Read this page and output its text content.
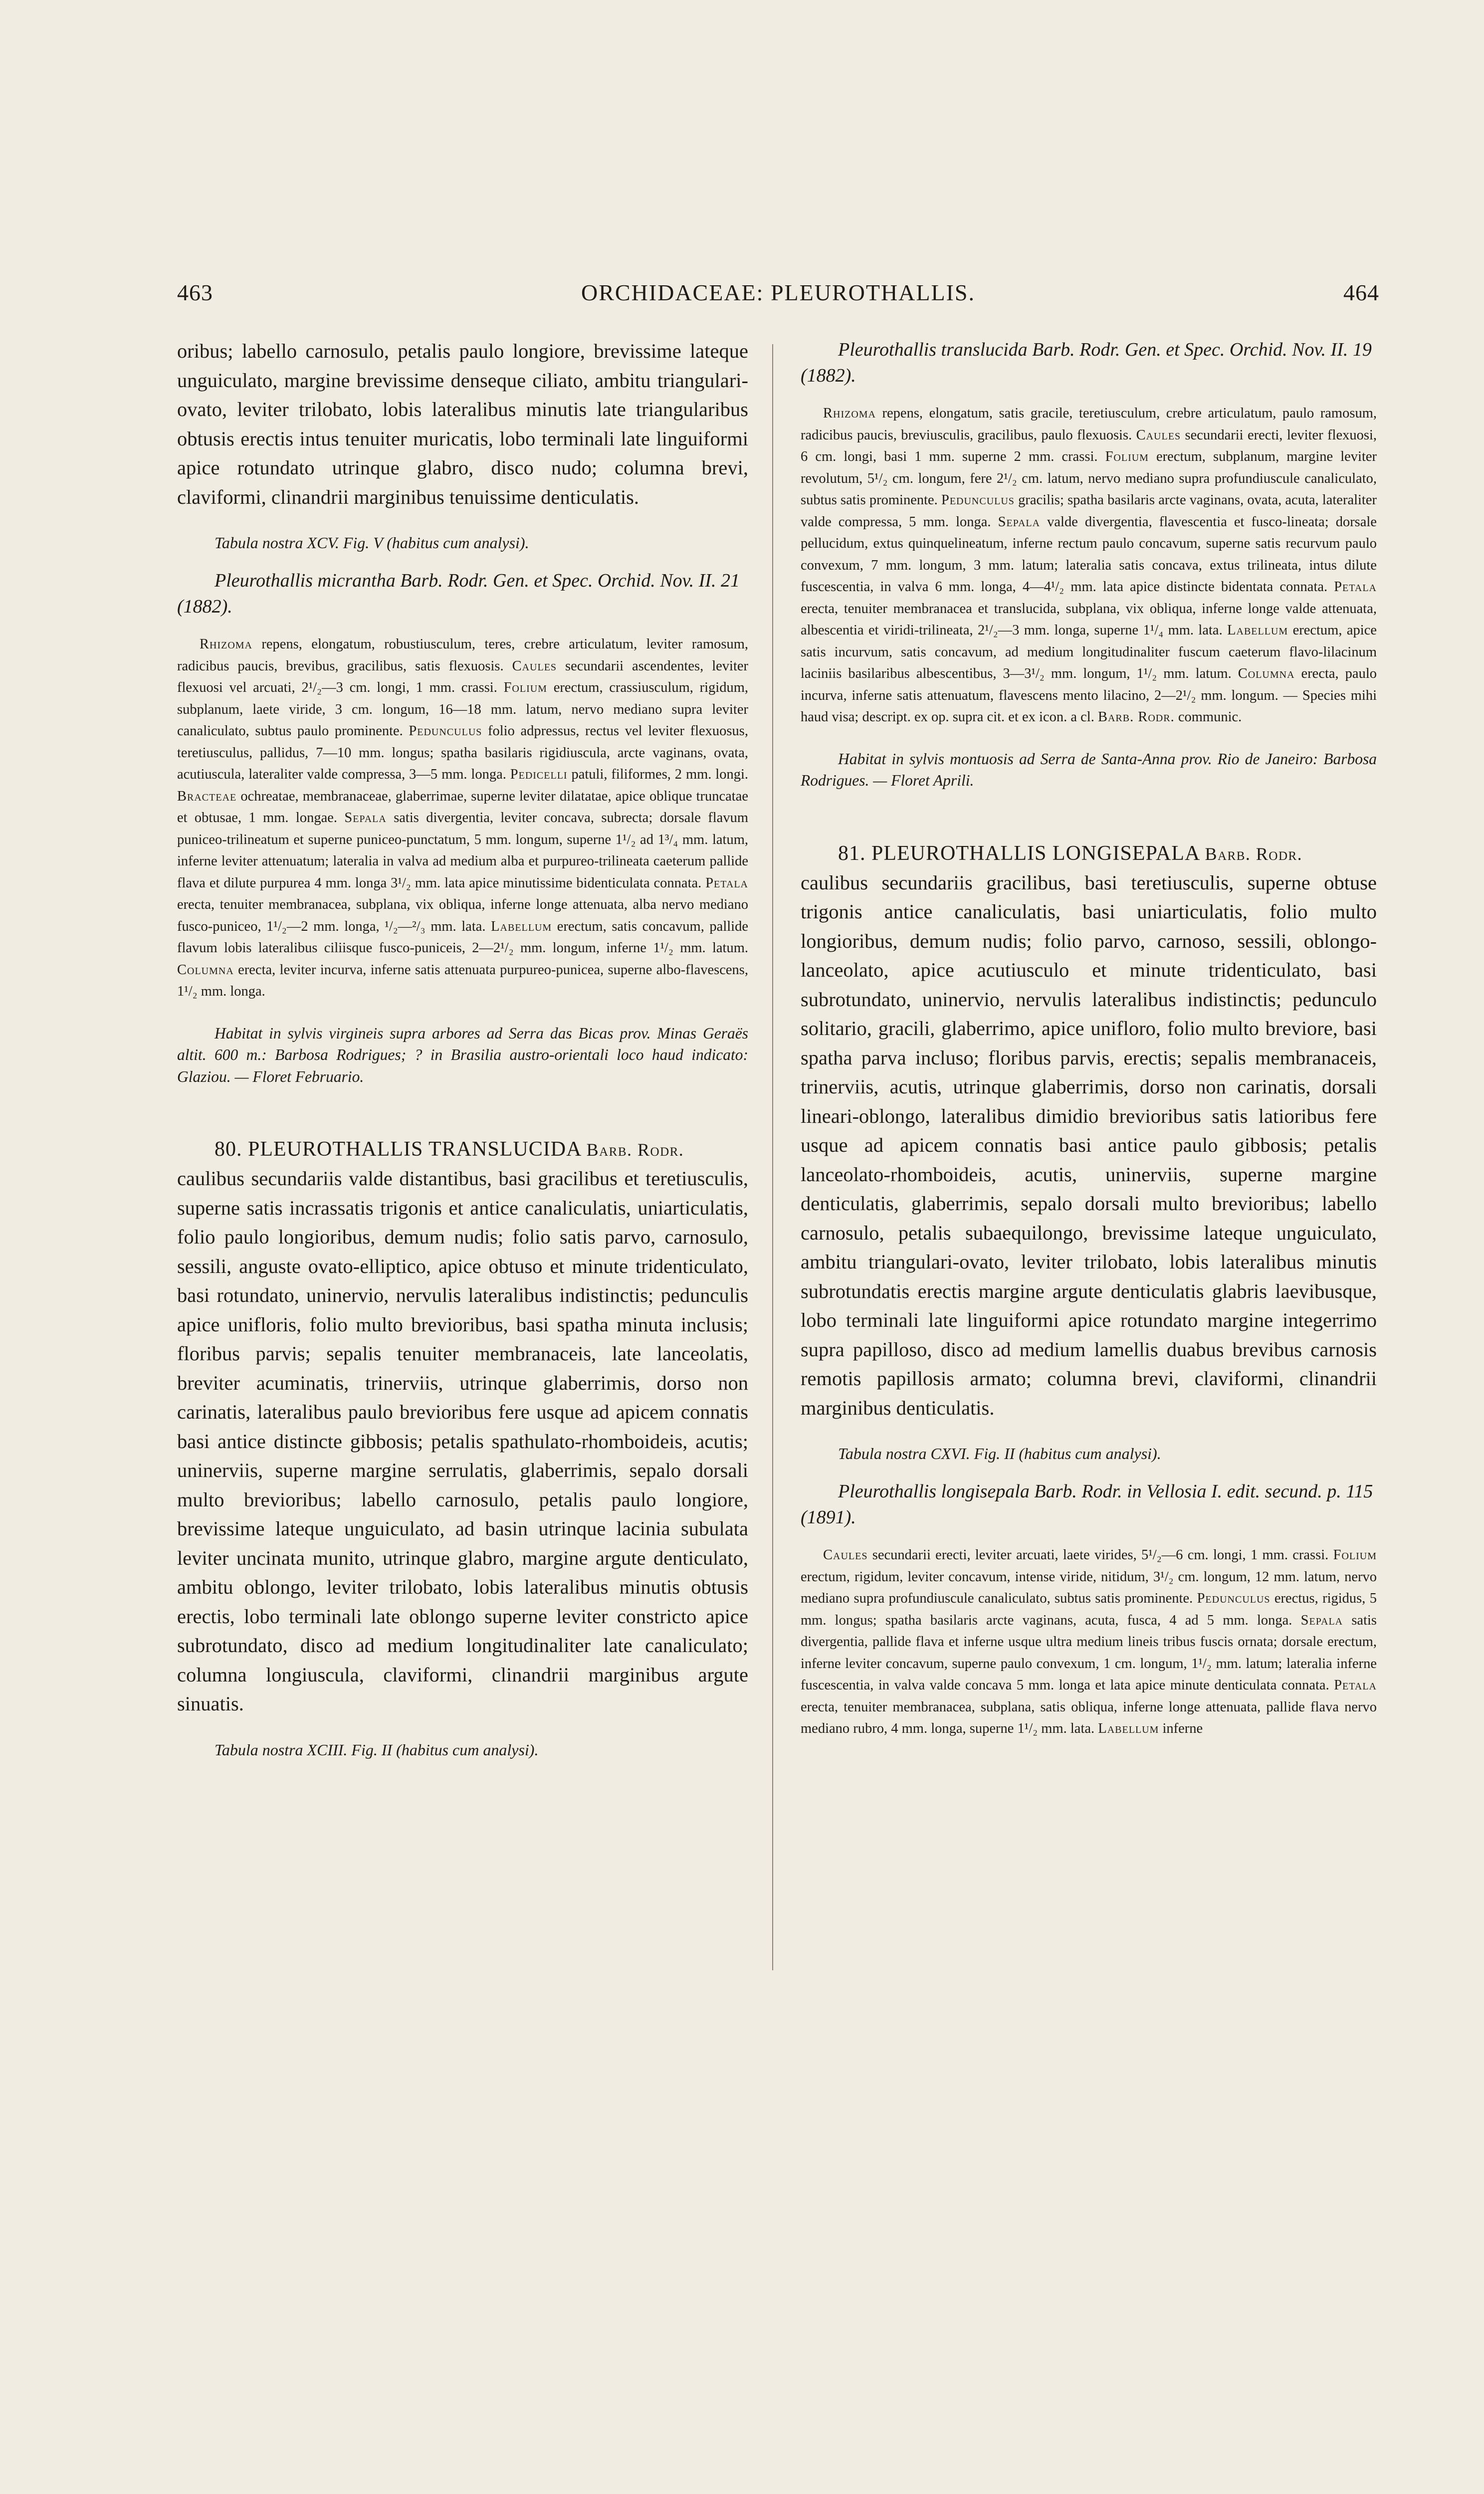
463	ORCHIDACEAE: PLEUROTHALLIS.	464

oribus; labello carnosulo, petalis paulo longiore, brevissime lateque unguiculato, margine brevissime denseque ciliato, ambitu triangulari-ovato, leviter trilobato, lobis lateralibus minutis late triangularibus obtusis erectis intus tenuiter muricatis, lobo terminali late linguiformi apice rotundato utrinque glabro, disco nudo; columna brevi, claviformi, clinandrii marginibus tenuissime denticulatis.

Tabula nostra XCV. Fig. V (habitus cum analysi).

Pleurothallis micrantha Barb. Rodr. Gen. et Spec. Orchid. Nov. II. 21 (1882).

Rhizoma repens, elongatum, robustiusculum, teres, crebre articulatum, leviter ramosum, radicibus paucis, brevibus, gracilibus, satis flexuosis. Caules secundarii ascendentes, leviter flexuosi vel arcuati, 2¹/₂—3 cm. longi, 1 mm. crassi. Folium erectum, crassiusculum, rigidum, subplanum, laete viride, 3 cm. longum, 16—18 mm. latum, nervo mediano supra leviter canaliculato, subtus paulo prominente. Pedunculus folio adpressus, rectus vel leviter flexuosus, teretiusculus, pallidus, 7—10 mm. longus; spatha basilaris rigidiuscula, arcte vaginans, ovata, acutiuscula, lateraliter valde compressa, 3—5 mm. longa. Pedicelli patuli, filiformes, 2 mm. longi. Bracteae ochreatae, membranaceae, glaberrimae, superne leviter dilatatae, apice oblique truncatae et obtusae, 1 mm. longae. Sepala satis divergentia, leviter concava, subrecta; dorsale flavum puniceo-trilineatum et superne puniceo-punctatum, 5 mm. longum, superne 1¹/₂ ad 1³/₄ mm. latum, inferne leviter attenuatum; lateralia in valva ad medium alba et purpureo-trilineata caeterum pallide flava et dilute purpurea 4 mm. longa 3¹/₂ mm. lata apice minutissime bidenticulata connata. Petala erecta, tenuiter membranacea, subplana, vix obliqua, inferne longe attenuata, alba nervo mediano fusco-puniceo, 1¹/₂—2 mm. longa, ¹/₂—²/₃ mm. lata. Labellum erectum, satis concavum, pallide flavum lobis lateralibus ciliisque fusco-puniceis, 2—2¹/₂ mm. longum, inferne 1¹/₂ mm. latum. Columna erecta, leviter incurva, inferne satis attenuata purpureo-punicea, superne albo-flavescens, 1¹/₂ mm. longa.

Habitat in sylvis virgineis supra arbores ad Serra das Bicas prov. Minas Geraës altit. 600 m.: Barbosa Rodrigues; ? in Brasilia austro-orientali loco haud indicato: Glaziou. — Floret Februario.

80. PLEUROTHALLIS TRANSLUCIDA Barb. Rodr.

caulibus secundariis valde distantibus, basi gracilibus et teretiusculis, superne satis incrassatis trigonis et antice canaliculatis, uniarticulatis, folio paulo longioribus, demum nudis; folio satis parvo, carnosulo, sessili, anguste ovato-elliptico, apice obtuso et minute tridenticulato, basi rotundato, uninervio, nervulis lateralibus indistinctis; pedunculis apice unifloris, folio multo brevioribus, basi spatha minuta inclusis; floribus parvis; sepalis tenuiter membranaceis, late lanceolatis, breviter acuminatis, trinerviis, utrinque glaberrimis, dorso non carinatis, lateralibus paulo brevioribus fere usque ad apicem connatis basi antice distincte gibbosis; petalis spathulato-rhomboideis, acutis; uninerviis, superne margine serrulatis, glaberrimis, sepalo dorsali multo brevioribus; labello carnosulo, petalis paulo longiore, brevissime lateque unguiculato, ad basin utrinque lacinia subulata leviter uncinata munito, utrinque glabro, margine argute denticulato, ambitu oblongo, leviter trilobato, lobis lateralibus minutis obtusis erectis, lobo terminali late oblongo superne leviter constricto apice subrotundato, disco ad medium longitudinaliter late canaliculato; columna longiuscula, claviformi, clinandrii marginibus argute sinuatis.

Tabula nostra XCIII. Fig. II (habitus cum analysi).

Pleurothallis translucida Barb. Rodr. Gen. et Spec. Orchid. Nov. II. 19 (1882).

Rhizoma repens, elongatum, satis gracile, teretiusculum, crebre articulatum, paulo ramosum, radicibus paucis, breviusculis, gracilibus, paulo flexuosis. Caules secundarii erecti, leviter flexuosi, 6 cm. longi, basi 1 mm. superne 2 mm. crassi. Folium erectum, subplanum, margine leviter revolutum, 5¹/₂ cm. longum, fere 2¹/₂ cm. latum, nervo mediano supra profundiuscule canaliculato, subtus satis prominente. Pedunculus gracilis; spatha basilaris arcte vaginans, ovata, acuta, lateraliter valde compressa, 5 mm. longa. Sepala valde divergentia, flavescentia et fusco-lineata; dorsale pellucidum, extus quinquelineatum, inferne rectum paulo concavum, superne satis recurvum paulo convexum, 7 mm. longum, 3 mm. latum; lateralia satis concava, extus trilineata, intus dilute fuscescentia, in valva 6 mm. longa, 4—4¹/₂ mm. lata apice distincte bidentata connata. Petala erecta, tenuiter membranacea et translucida, subplana, vix obliqua, inferne longe valde attenuata, albescentia et viridi-trilineata, 2¹/₂—3 mm. longa, superne 1¹/₄ mm. lata. Labellum erectum, apice satis incurvum, satis concavum, ad medium longitudinaliter fuscum caeterum flavo-lilacinum laciniis basilaribus albescentibus, 3—3¹/₂ mm. longum, 1¹/₂ mm. latum. Columna erecta, paulo incurva, inferne satis attenuatum, flavescens mento lilacino, 2—2¹/₂ mm. longum. — Species mihi haud visa; descript. ex op. supra cit. et ex icon. a cl. Barb. Rodr. communic.

Habitat in sylvis montuosis ad Serra de Santa-Anna prov. Rio de Janeiro: Barbosa Rodrigues. — Floret Aprili.

81. PLEUROTHALLIS LONGISEPALA Barb. Rodr.

caulibus secundariis gracilibus, basi teretiusculis, superne obtuse trigonis antice canaliculatis, basi uniarticulatis, folio multo longioribus, demum nudis; folio parvo, carnoso, sessili, oblongo-lanceolato, apice acutiusculo et minute tridenticulato, basi subrotundato, uninervio, nervulis lateralibus indistinctis; pedunculo solitario, gracili, glaberrimo, apice unifloro, folio multo breviore, basi spatha parva incluso; floribus parvis, erectis; sepalis membranaceis, trinerviis, acutis, utrinque glaberrimis, dorso non carinatis, dorsali lineari-oblongo, lateralibus dimidio brevioribus satis latioribus fere usque ad apicem connatis basi antice paulo gibbosis; petalis lanceolato-rhomboideis, acutis, uninerviis, superne margine denticulatis, glaberrimis, sepalo dorsali multo brevioribus; labello carnosulo, petalis subaequilongo, brevissime lateque unguiculato, ambitu triangulari-ovato, leviter trilobato, lobis lateralibus minutis subrotundatis erectis margine argute denticulatis glabris laevibusque, lobo terminali late linguiformi apice rotundato margine integerrimo supra papilloso, disco ad medium lamellis duabus brevibus carnosis remotis papillosis armato; columna brevi, claviformi, clinandrii marginibus denticulatis.

Tabula nostra CXVI. Fig. II (habitus cum analysi).

Pleurothallis longisepala Barb. Rodr. in Vellosia I. edit. secund. p. 115 (1891).

Caules secundarii erecti, leviter arcuati, laete virides, 5¹/₂—6 cm. longi, 1 mm. crassi. Folium erectum, rigidum, leviter concavum, intense viride, nitidum, 3¹/₂ cm. longum, 12 mm. latum, nervo mediano supra profundiuscule canaliculato, subtus satis prominente. Pedunculus erectus, rigidus, 5 mm. longus; spatha basilaris arcte vaginans, acuta, fusca, 4 ad 5 mm. longa. Sepala satis divergentia, pallide flava et inferne usque ultra medium lineis tribus fuscis ornata; dorsale erectum, inferne leviter concavum, superne paulo convexum, 1 cm. longum, 1¹/₂ mm. latum; lateralia inferne fuscescentia, in valva valde concava 5 mm. longa et lata apice minute denticulata connata. Petala erecta, tenuiter membranacea, subplana, satis obliqua, inferne longe attenuata, pallide flava nervo mediano rubro, 4 mm. longa, superne 1¹/₂ mm. lata. Labellum inferne
